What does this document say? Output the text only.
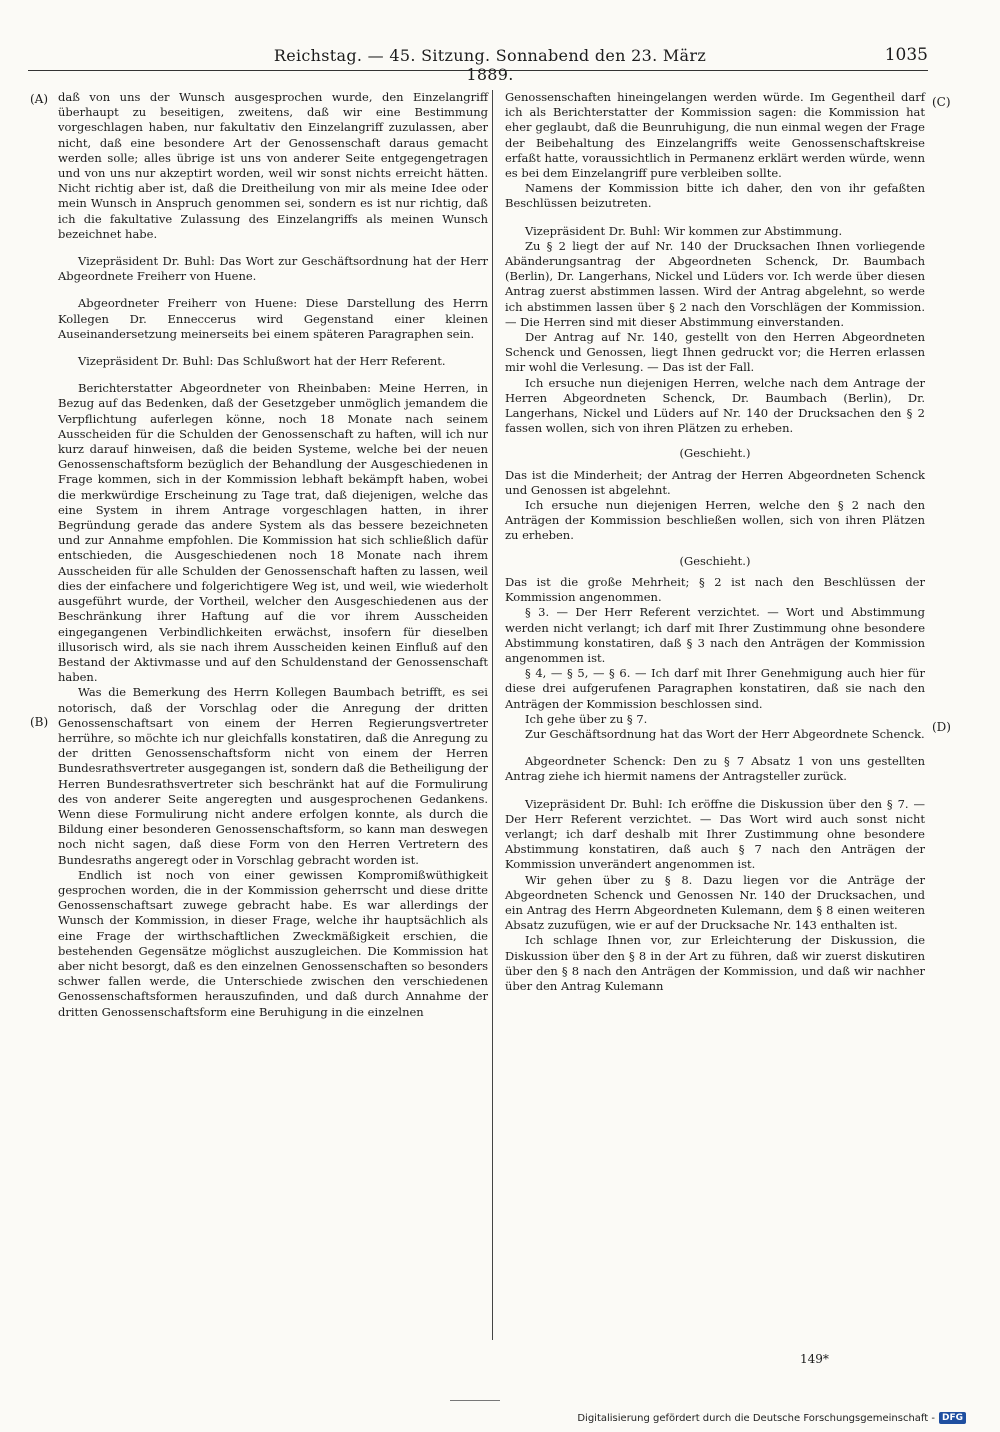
Reichstag. — 45. Sitzung. Sonnabend den 23. März 1889.
1035
(A)
(B)
(C)
(D)

daß von uns der Wunsch ausgesprochen wurde, den Einzelangriff überhaupt zu beseitigen, zweitens, daß wir eine Bestimmung vorgeschlagen haben, nur fakultativ den Einzelangriff zuzulassen, aber nicht, daß eine besondere Art der Genossenschaft daraus gemacht werden solle; alles übrige ist uns von anderer Seite entgegengetragen und von uns nur akzeptirt worden, weil wir sonst nichts erreicht hätten. Nicht richtig aber ist, daß die Dreitheilung von mir als meine Idee oder mein Wunsch in Anspruch genommen sei, sondern es ist nur richtig, daß ich die fakultative Zulassung des Einzelangriffs als meinen Wunsch bezeichnet habe.

Vizepräsident Dr. Buhl: Das Wort zur Geschäftsordnung hat der Herr Abgeordnete Freiherr von Huene.

Abgeordneter Freiherr von Huene: Diese Darstellung des Herrn Kollegen Dr. Enneccerus wird Gegenstand einer kleinen Auseinandersetzung meinerseits bei einem späteren Paragraphen sein.

Vizepräsident Dr. Buhl: Das Schlußwort hat der Herr Referent.

Berichterstatter Abgeordneter von Rheinbaben: Meine Herren, in Bezug auf das Bedenken, daß der Gesetzgeber unmöglich jemandem die Verpflichtung auferlegen könne, noch 18 Monate nach seinem Ausscheiden für die Schulden der Genossenschaft zu haften, will ich nur kurz darauf hinweisen, daß die beiden Systeme, welche bei der neuen Genossenschaftsform bezüglich der Behandlung der Ausgeschiedenen in Frage kommen, sich in der Kommission lebhaft bekämpft haben, wobei die merkwürdige Erscheinung zu Tage trat, daß diejenigen, welche das eine System in ihrem Antrage vorgeschlagen hatten, in ihrer Begründung gerade das andere System als das bessere bezeichneten und zur Annahme empfohlen. Die Kommission hat sich schließlich dafür entschieden, die Ausgeschiedenen noch 18 Monate nach ihrem Ausscheiden für alle Schulden der Genossenschaft haften zu lassen, weil dies der einfachere und folgerichtigere Weg ist, und weil, wie wiederholt ausgeführt wurde, der Vortheil, welcher den Ausgeschiedenen aus der Beschränkung ihrer Haftung auf die vor ihrem Ausscheiden eingegangenen Verbindlichkeiten erwächst, insofern für dieselben illusorisch wird, als sie nach ihrem Ausscheiden keinen Einfluß auf den Bestand der Aktivmasse und auf den Schuldenstand der Genossenschaft haben.

Was die Bemerkung des Herrn Kollegen Baumbach betrifft, es sei notorisch, daß der Vorschlag oder die Anregung der dritten Genossenschaftsart von einem der Herren Regierungsvertreter herrühre, so möchte ich nur gleichfalls konstatiren, daß die Anregung zu der dritten Genossenschaftsform nicht von einem der Herren Bundesrathsvertreter ausgegangen ist, sondern daß die Betheiligung der Herren Bundesrathsvertreter sich beschränkt hat auf die Formulirung des von anderer Seite angeregten und ausgesprochenen Gedankens. Wenn diese Formulirung nicht andere erfolgen konnte, als durch die Bildung einer besonderen Genossenschaftsform, so kann man deswegen noch nicht sagen, daß diese Form von den Herren Vertretern des Bundesraths angeregt oder in Vorschlag gebracht worden ist.

Endlich ist noch von einer gewissen Kompromißwüthigkeit gesprochen worden, die in der Kommission geherrscht und diese dritte Genossenschaftsart zuwege gebracht habe. Es war allerdings der Wunsch der Kommission, in dieser Frage, welche ihr hauptsächlich als eine Frage der wirthschaftlichen Zweckmäßigkeit erschien, die bestehenden Gegensätze möglichst auszugleichen. Die Kommission hat aber nicht besorgt, daß es den einzelnen Genossenschaften so besonders schwer fallen werde, die Unterschiede zwischen den verschiedenen Genossenschaftsformen herauszufinden, und daß durch Annahme der dritten Genossenschaftsform eine Beruhigung in die einzelnen

Genossenschaften hineingelangen werden würde. Im Gegentheil darf ich als Berichterstatter der Kommission sagen: die Kommission hat eher geglaubt, daß die Beunruhigung, die nun einmal wegen der Frage der Beibehaltung des Einzelangriffs weite Genossenschaftskreise erfaßt hatte, voraussichtlich in Permanenz erklärt werden würde, wenn es bei dem Einzelangriff pure verbleiben sollte.

Namens der Kommission bitte ich daher, den von ihr gefaßten Beschlüssen beizutreten.

Vizepräsident Dr. Buhl: Wir kommen zur Abstimmung.

Zu § 2 liegt der auf Nr. 140 der Drucksachen Ihnen vorliegende Abänderungsantrag der Abgeordneten Schenck, Dr. Baumbach (Berlin), Dr. Langerhans, Nickel und Lüders vor. Ich werde über diesen Antrag zuerst abstimmen lassen. Wird der Antrag abgelehnt, so werde ich abstimmen lassen über § 2 nach den Vorschlägen der Kommission. — Die Herren sind mit dieser Abstimmung einverstanden.

Der Antrag auf Nr. 140, gestellt von den Herren Abgeordneten Schenck und Genossen, liegt Ihnen gedruckt vor; die Herren erlassen mir wohl die Verlesung. — Das ist der Fall.

Ich ersuche nun diejenigen Herren, welche nach dem Antrage der Herren Abgeordneten Schenck, Dr. Baumbach (Berlin), Dr. Langerhans, Nickel und Lüders auf Nr. 140 der Drucksachen den § 2 fassen wollen, sich von ihren Plätzen zu erheben.

(Geschieht.)

Das ist die Minderheit; der Antrag der Herren Abgeordneten Schenck und Genossen ist abgelehnt.

Ich ersuche nun diejenigen Herren, welche den § 2 nach den Anträgen der Kommission beschließen wollen, sich von ihren Plätzen zu erheben.

(Geschieht.)

Das ist die große Mehrheit; § 2 ist nach den Beschlüssen der Kommission angenommen.

§ 3. — Der Herr Referent verzichtet. — Wort und Abstimmung werden nicht verlangt; ich darf mit Ihrer Zustimmung ohne besondere Abstimmung konstatiren, daß § 3 nach den Anträgen der Kommission angenommen ist.

§ 4, — § 5, — § 6. — Ich darf mit Ihrer Genehmigung auch hier für diese drei aufgerufenen Paragraphen konstatiren, daß sie nach den Anträgen der Kommission beschlossen sind.

Ich gehe über zu § 7.

Zur Geschäftsordnung hat das Wort der Herr Abgeordnete Schenck.

Abgeordneter Schenck: Den zu § 7 Absatz 1 von uns gestellten Antrag ziehe ich hiermit namens der Antragsteller zurück.

Vizepräsident Dr. Buhl: Ich eröffne die Diskussion über den § 7. — Der Herr Referent verzichtet. — Das Wort wird auch sonst nicht verlangt; ich darf deshalb mit Ihrer Zustimmung ohne besondere Abstimmung konstatiren, daß auch § 7 nach den Anträgen der Kommission unverändert angenommen ist.

Wir gehen über zu § 8. Dazu liegen vor die Anträge der Abgeordneten Schenck und Genossen Nr. 140 der Drucksachen, und ein Antrag des Herrn Abgeordneten Kulemann, dem § 8 einen weiteren Absatz zuzufügen, wie er auf der Drucksache Nr. 143 enthalten ist.

Ich schlage Ihnen vor, zur Erleichterung der Diskussion, die Diskussion über den § 8 in der Art zu führen, daß wir zuerst diskutiren über den § 8 nach den Anträgen der Kommission, und daß wir nachher über den Antrag Kulemann

149*
Digitalisierung gefördert durch die Deutsche Forschungsgemeinschaft - DFG
